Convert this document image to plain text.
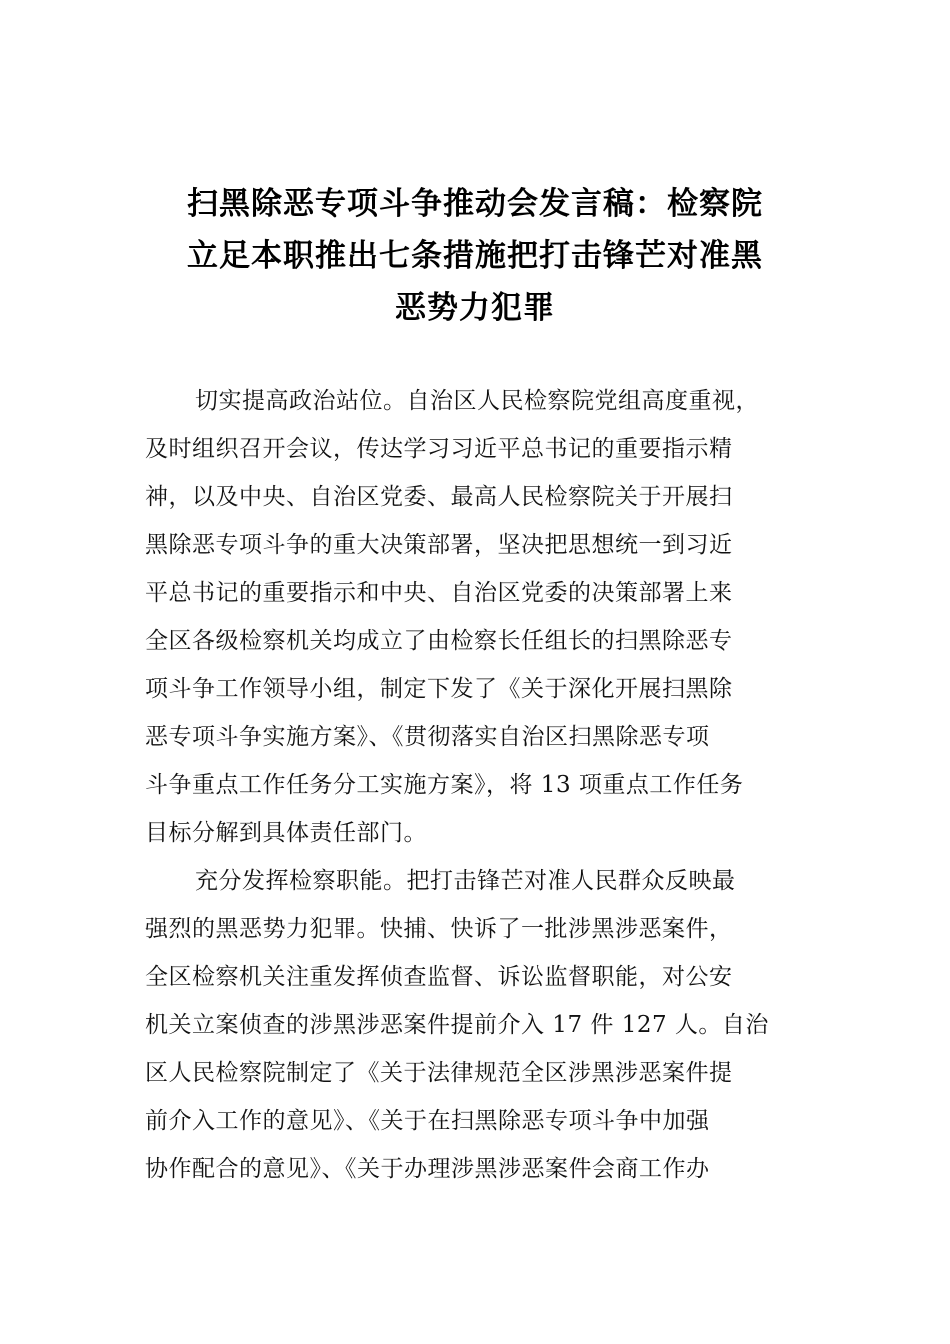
扫黑除恶专项斗争推动会发言稿：检察院
立足本职推出七条措施把打击锋芒对准黑
恶势力犯罪

切实提高政治站位。自治区人民检察院党组高度重视，
及时组织召开会议，传达学习习近平总书记的重要指示精
神，以及中央、自治区党委、最高人民检察院关于开展扫
黑除恶专项斗争的重大决策部署，坚决把思想统一到习近
平总书记的重要指示和中央、自治区党委的决策部署上来
全区各级检察机关均成立了由检察长任组长的扫黑除恶专
项斗争工作领导小组，制定下发了《关于深化开展扫黑除
恶专项斗争实施方案》、《贯彻落实自治区扫黑除恶专项
斗争重点工作任务分工实施方案》，将 13 项重点工作任务
目标分解到具体责任部门。

充分发挥检察职能。把打击锋芒对准人民群众反映最
强烈的黑恶势力犯罪。快捕、快诉了一批涉黑涉恶案件，
全区检察机关注重发挥侦查监督、诉讼监督职能，对公安
机关立案侦查的涉黑涉恶案件提前介入 17 件 127 人。自治
区人民检察院制定了《关于法律规范全区涉黑涉恶案件提
前介入工作的意见》、《关于在扫黑除恶专项斗争中加强
协作配合的意见》、《关于办理涉黑涉恶案件会商工作办
